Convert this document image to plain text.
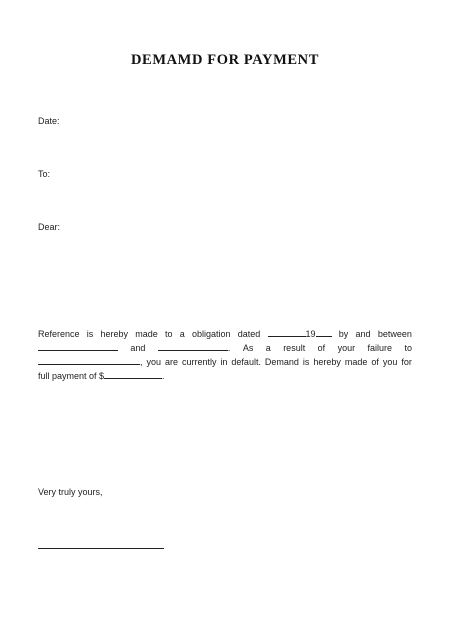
DEMAMD FOR PAYMENT
Date:
To:
Dear:
Reference is hereby made to a obligation dated	19	by and between
and	. As a result of your failure to
, you are currently in default. Demand is hereby made of you for
full payment of $	.
Very truly yours,
